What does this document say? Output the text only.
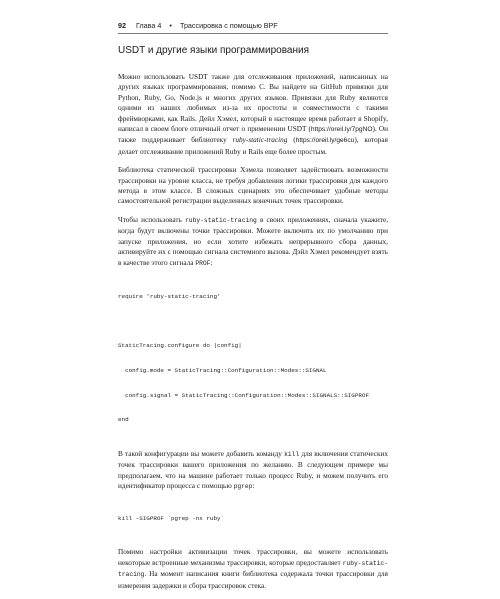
92 Глава 4 • Трассировка с помощью BPF
USDT и другие языки программирования

Можно использовать USDT также для отслеживания приложений, написанных на других языках программирования, помимо C. Вы найдете на GitHub привязки для Python, Ruby, Go, Node.js и многих других языков. Привязки для Ruby являются одними из наших любимых из-за их простоты и совместимости с такими фреймворками, как Rails. Дейл Хэмел, который в настоящее время работает в Shopify, написал в своем блоге отличный отчет о применении USDT (https://oreil.ly/7pgNO). Он также поддерживает библиотеку ruby-static-tracing (https://oreil.ly/ge6cu), которая делает отслеживание приложений Ruby и Rails еще более простым.

Библиотека статической трассировки Хэмела позволяет задействовать возможности трассировки на уровне класса, не требуя добавления логики трассировки для каждого метода в этом классе. В сложных сценариях это обеспечивает удобные методы самостоятельной регистрации выделенных конечных точек трассировки.

Чтобы использовать ruby-static-tracing в своих приложениях, сначала укажите, когда будут включены точки трассировки. Можете включить их по умолчанию при запуске приложения, но если хотите избежать непрерывного сбора данных, активируйте их с помощью сигнала системного вызова. Дэйл Хэмел рекомендует взять в качестве этого сигнала PROF:

require 'ruby-static-tracing'

StaticTracing.configure do |config|

config.mode = StaticTracing::Configuration::Modes::SIGNAL

config.signal = StaticTracing::Configuration::Modes::SIGNALS::SIGPROF

end

В такой конфигурации вы можете добавить команду kill для включения статических точек трассировки вашего приложения по желанию. В следующем примере мы предполагаем, что на машине работает только процесс Ruby, и можем получить его идентификатор процесса с помощью pgrep:

kill -SIGPROF `pgrep -nx ruby`

Помимо настройки активизации точек трассировки, вы можете использовать некоторые встроенные механизмы трассировки, которые предоставляет ruby-static-tracing. На момент написания книги библиотека содержала точки трассировки для измерения задержки и сбора трассировок стека.
